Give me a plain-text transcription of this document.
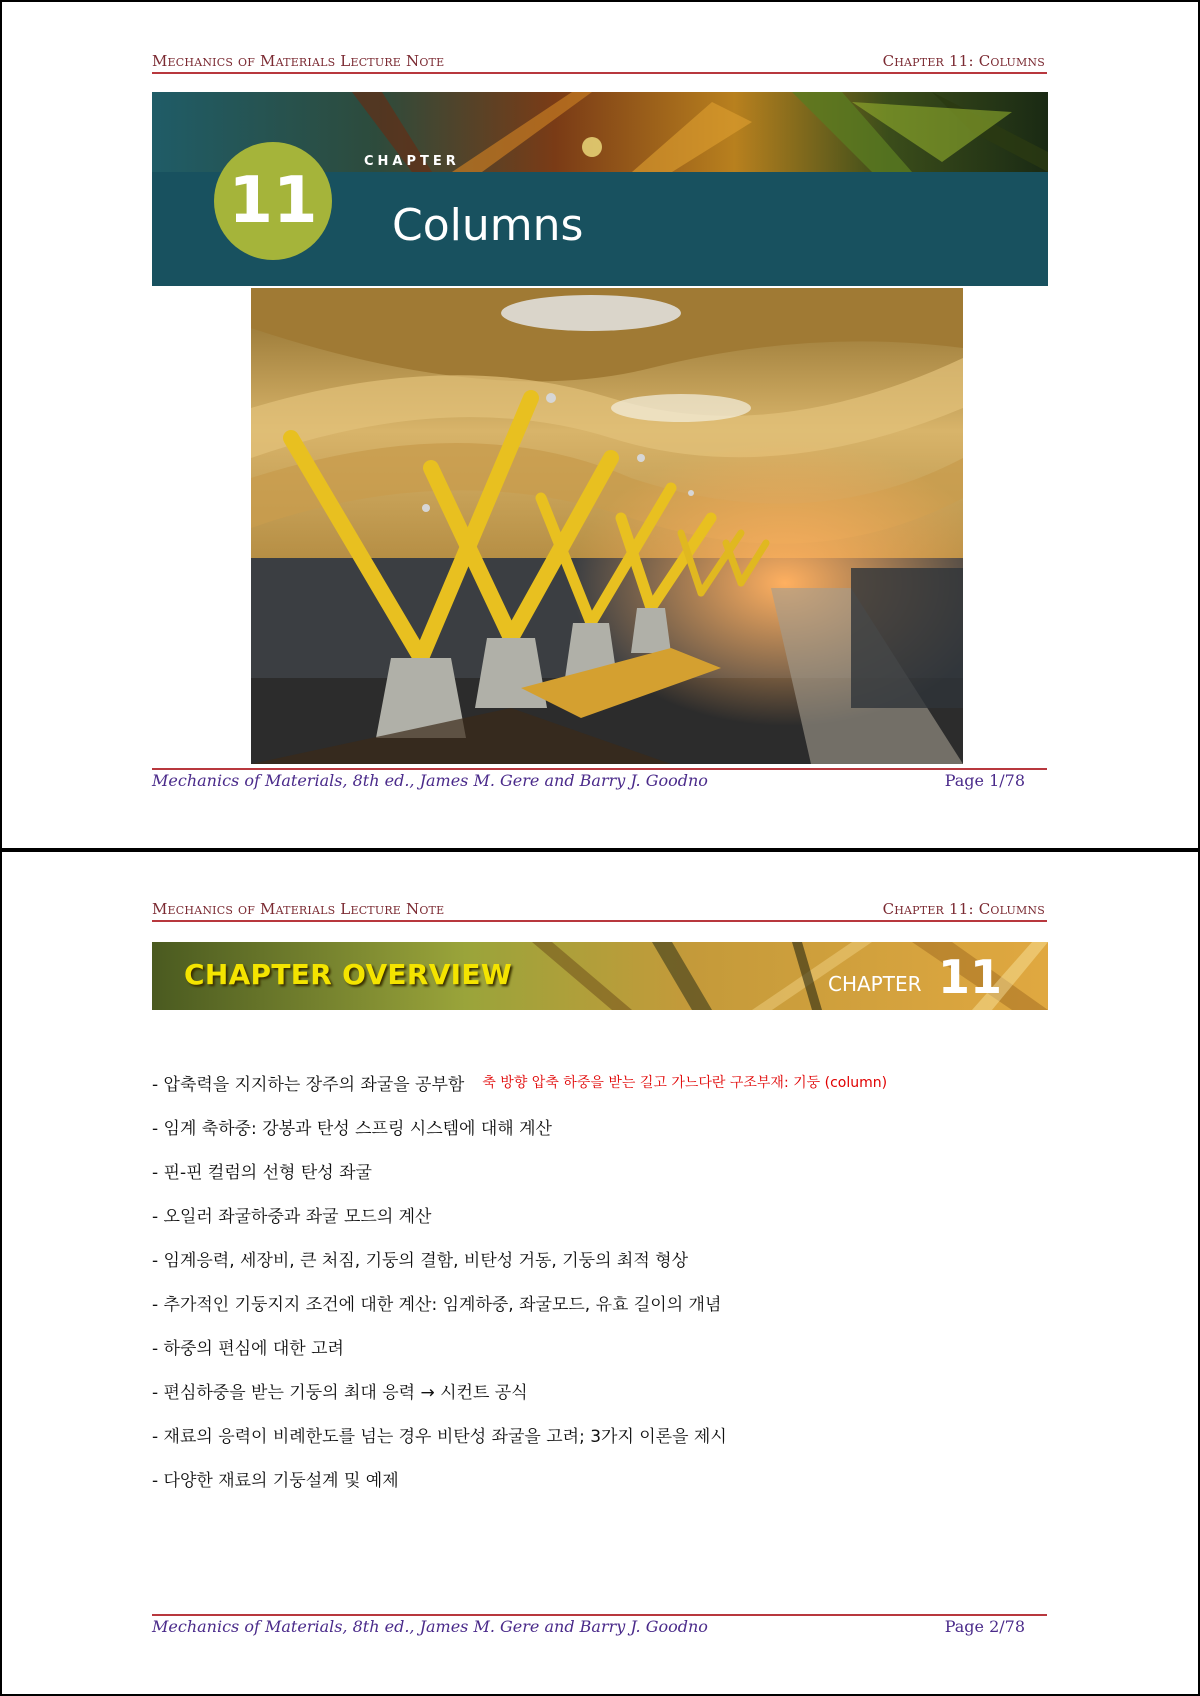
Mechanics of Materials Lecture Note	Chapter 11: Columns
11
CHAPTER
Columns
Mechanics of Materials, 8th ed., James M. Gere and Barry J. Goodno	Page 1/78
Mechanics of Materials Lecture Note	Chapter 11: Columns
CHAPTER OVERVIEW	CHAPTER 11
- 압축력을 지지하는 장주의 좌굴을 공부함 축 방향 압축 하중을 받는 길고 가느다란 구조부재: 기둥 (column)
- 임계 축하중: 강봉과 탄성 스프링 시스템에 대해 계산
- 핀-핀 컬럼의 선형 탄성 좌굴
- 오일러 좌굴하중과 좌굴 모드의 계산
- 임계응력, 세장비, 큰 처짐, 기둥의 결함, 비탄성 거동, 기둥의 최적 형상
- 추가적인 기둥지지 조건에 대한 계산: 임계하중, 좌굴모드, 유효 길이의 개념
- 하중의 편심에 대한 고려
- 편심하중을 받는 기둥의 최대 응력 → 시컨트 공식
- 재료의 응력이 비례한도를 넘는 경우 비탄성 좌굴을 고려; 3가지 이론을 제시
- 다양한 재료의 기둥설계 및 예제
Mechanics of Materials, 8th ed., James M. Gere and Barry J. Goodno	Page 2/78
